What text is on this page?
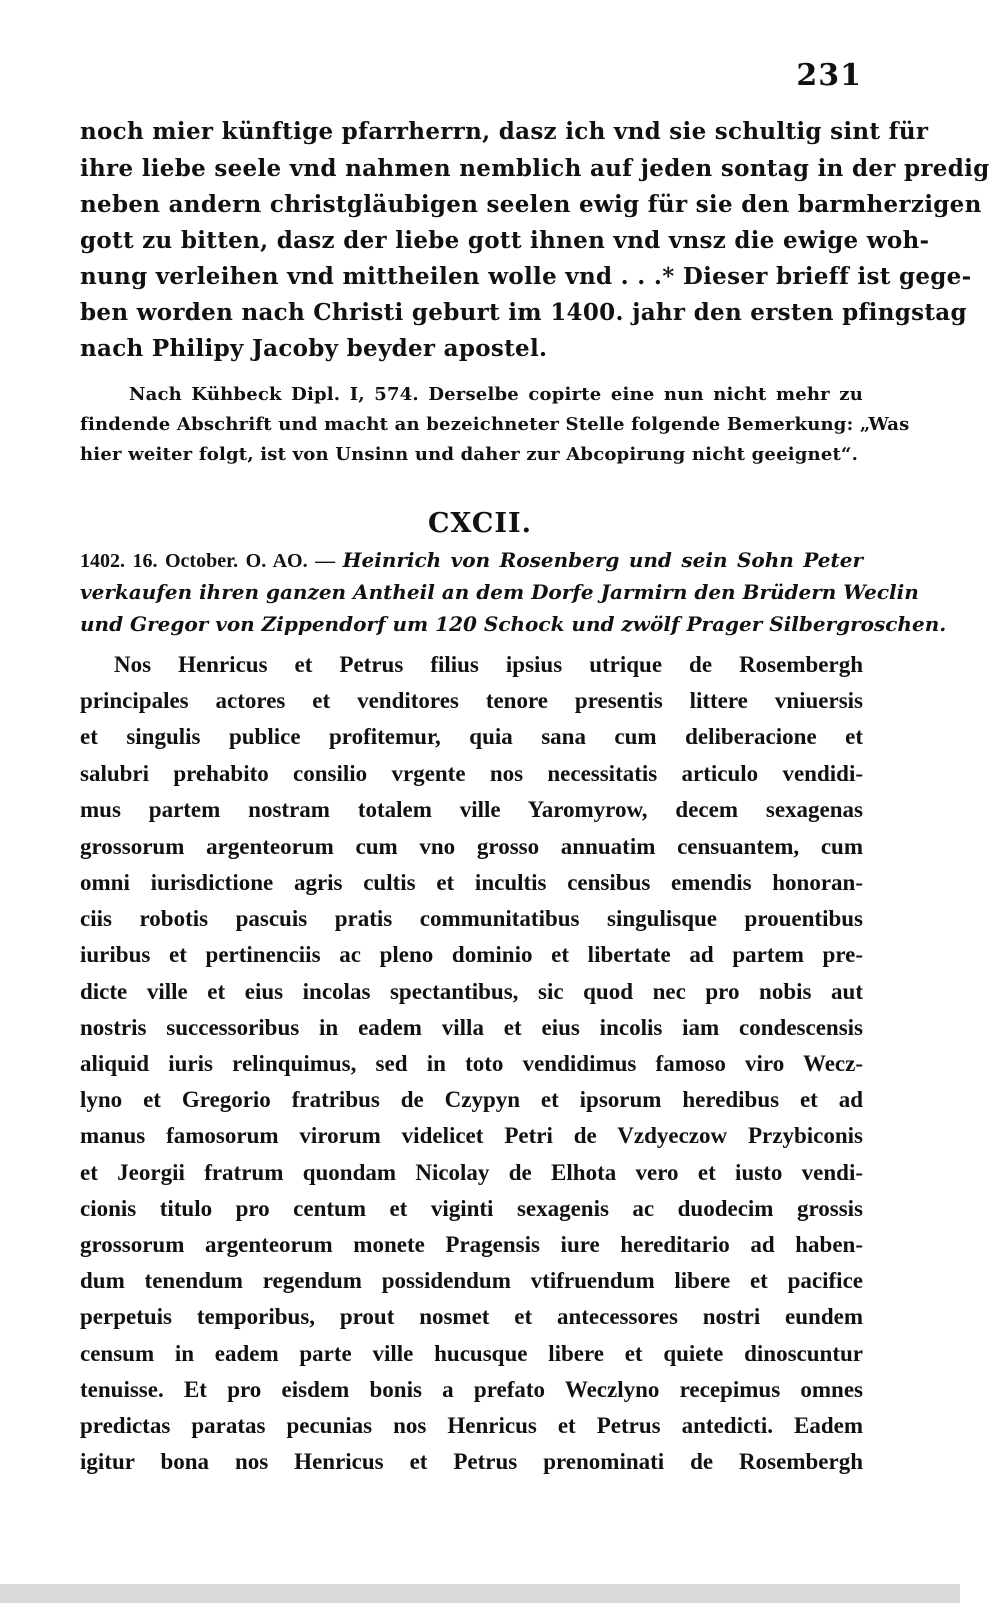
231
noch mier künftige pfarrherrn, dasz ich vnd sie schultig sint für
ihre liebe seele vnd nahmen nemblich auf jeden sontag in der predig
neben andern christgläubigen seelen ewig für sie den barmherzigen
gott zu bitten, dasz der liebe gott ihnen vnd vnsz die ewige woh-
nung verleihen vnd mittheilen wolle vnd . . .* Dieser brieff ist gege-
ben worden nach Christi geburt im 1400. jahr den ersten pfingstag
nach Philipy Jacoby beyder apostel.
Nach Kühbeck Dipl. I, 574. Derselbe copirte eine nun nicht mehr zu
findende Abschrift und macht an bezeichneter Stelle folgende Bemerkung: „Was
hier weiter folgt, ist von Unsinn und daher zur Abcopirung nicht geeignet“.
CXCII.
1402. 16. October. O. AO. — Heinrich von Rosenberg und sein Sohn Peter
verkaufen ihren ganzen Antheil an dem Dorfe Jarmirn den Brüdern Weclin
und Gregor von Zippendorf um 120 Schock und zwölf Prager Silbergroschen.
Nos Henricus et Petrus filius ipsius utrique de Rosembergh
principales actores et venditores tenore presentis littere vniuersis
et singulis publice profitemur, quia sana cum deliberacione et
salubri prehabito consilio vrgente nos necessitatis articulo vendidi-
mus partem nostram totalem ville Yaromyrow, decem sexagenas
grossorum argenteorum cum vno grosso annuatim censuantem, cum
omni iurisdictione agris cultis et incultis censibus emendis honoran-
ciis robotis pascuis pratis communitatibus singulisque prouentibus
iuribus et pertinenciis ac pleno dominio et libertate ad partem pre-
dicte ville et eius incolas spectantibus, sic quod nec pro nobis aut
nostris successoribus in eadem villa et eius incolis iam condescensis
aliquid iuris relinquimus, sed in toto vendidimus famoso viro Wecz-
lyno et Gregorio fratribus de Czypyn et ipsorum heredibus et ad
manus famosorum virorum videlicet Petri de Vzdyeczow Przybiconis
et Jeorgii fratrum quondam Nicolay de Elhota vero et iusto vendi-
cionis titulo pro centum et viginti sexagenis ac duodecim grossis
grossorum argenteorum monete Pragensis iure hereditario ad haben-
dum tenendum regendum possidendum vtifruendum libere et pacifice
perpetuis temporibus, prout nosmet et antecessores nostri eundem
censum in eadem parte ville hucusque libere et quiete dinoscuntur
tenuisse. Et pro eisdem bonis a prefato Weczlyno recepimus omnes
predictas paratas pecunias nos Henricus et Petrus antedicti. Eadem
igitur bona nos Henricus et Petrus prenominati de Rosembergh
